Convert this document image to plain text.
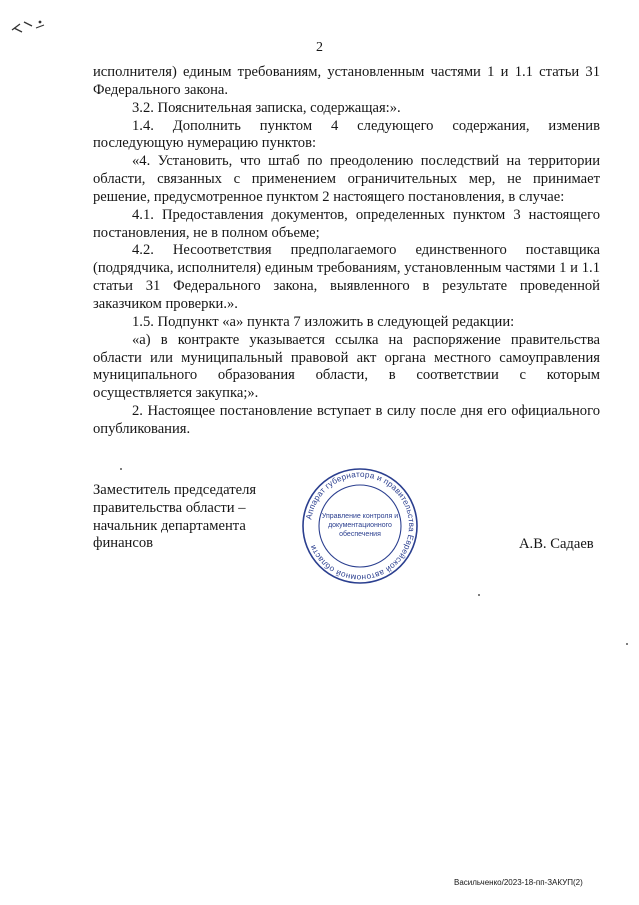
2

исполнителя) единым требованиям, установленным частями 1 и 1.1 статьи 31 Федерального закона.

3.2. Пояснительная записка, содержащая:».

1.4. Дополнить пунктом 4 следующего содержания, изменив последующую нумерацию пунктов:

«4. Установить, что штаб по преодолению последствий на территории области, связанных с применением ограничительных мер, не принимает решение, предусмотренное пунктом 2 настоящего постановления, в случае:

4.1. Предоставления документов, определенных пунктом 3 настоящего постановления, не в полном объеме;

4.2. Несоответствия предполагаемого единственного поставщика (подрядчика, исполнителя) единым требованиям, установленным частями 1 и 1.1 статьи 31 Федерального закона, выявленного в результате проведенной заказчиком проверки.».

1.5. Подпункт «а» пункта 7 изложить в следующей редакции:

«а) в контракте указывается ссылка на распоряжение правительства области или муниципальный правовой акт органа местного самоуправления муниципального образования области, в соответствии с которым осуществляется закупка;».

2. Настоящее постановление вступает в силу после дня его официального опубликования.

Заместитель председателя
правительства области –
начальник департамента
финансов
Аппарат губернатора и правительства Еврейской автономной области
Управление контроля и
документационного
обеспечения
А.В. Садаев
Васильченко/2023-18-пп-ЗАКУП(2)
